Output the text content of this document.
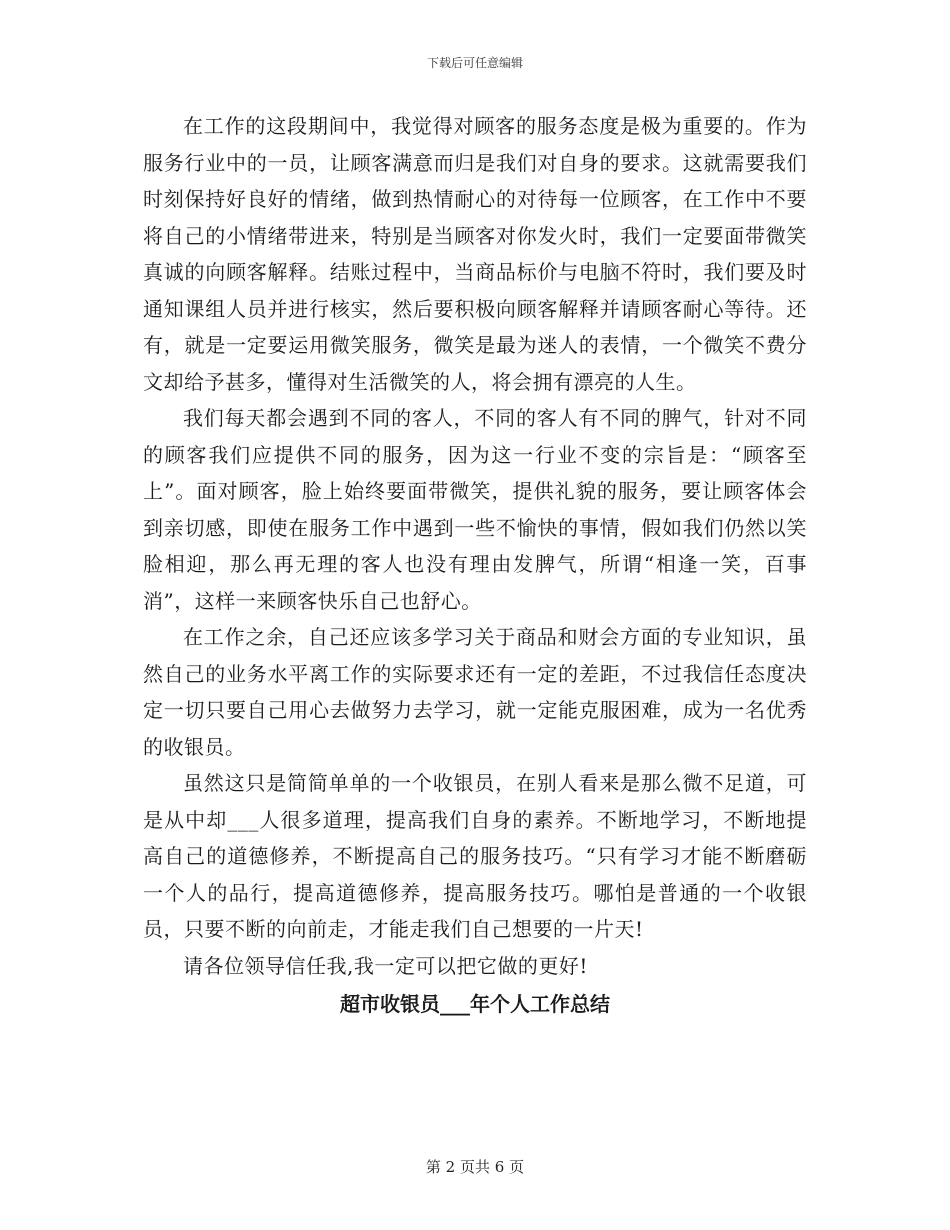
下载后可任意编辑

在工作的这段期间中，我觉得对顾客的服务态度是极为重要的。作为服务行业中的一员，让顾客满意而归是我们对自身的要求。这就需要我们时刻保持好良好的情绪，做到热情耐心的对待每一位顾客，在工作中不要将自己的小情绪带进来，特别是当顾客对你发火时，我们一定要面带微笑真诚的向顾客解释。结账过程中，当商品标价与电脑不符时，我们要及时通知课组人员并进行核实，然后要积极向顾客解释并请顾客耐心等待。还有，就是一定要运用微笑服务，微笑是最为迷人的表情，一个微笑不费分文却给予甚多，懂得对生活微笑的人，将会拥有漂亮的人生。

我们每天都会遇到不同的客人，不同的客人有不同的脾气，针对不同的顾客我们应提供不同的服务，因为这一行业不变的宗旨是：“顾客至上”。面对顾客，脸上始终要面带微笑，提供礼貌的服务，要让顾客体会到亲切感，即使在服务工作中遇到一些不愉快的事情，假如我们仍然以笑脸相迎，那么再无理的客人也没有理由发脾气，所谓“相逢一笑，百事消”，这样一来顾客快乐自己也舒心。

在工作之余，自己还应该多学习关于商品和财会方面的专业知识，虽然自己的业务水平离工作的实际要求还有一定的差距，不过我信任态度决定一切只要自己用心去做努力去学习，就一定能克服困难，成为一名优秀的收银员。

虽然这只是简简单单的一个收银员，在别人看来是那么微不足道，可是从中却___人很多道理，提高我们自身的素养。不断地学习，不断地提高自己的道德修养，不断提高自己的服务技巧。“只有学习才能不断磨砺一个人的品行，提高道德修养，提高服务技巧。哪怕是普通的一个收银员，只要不断的向前走，才能走我们自己想要的一片天!

请各位领导信任我,我一定可以把它做的更好!

超市收银员___年个人工作总结

第 2 页共 6 页
